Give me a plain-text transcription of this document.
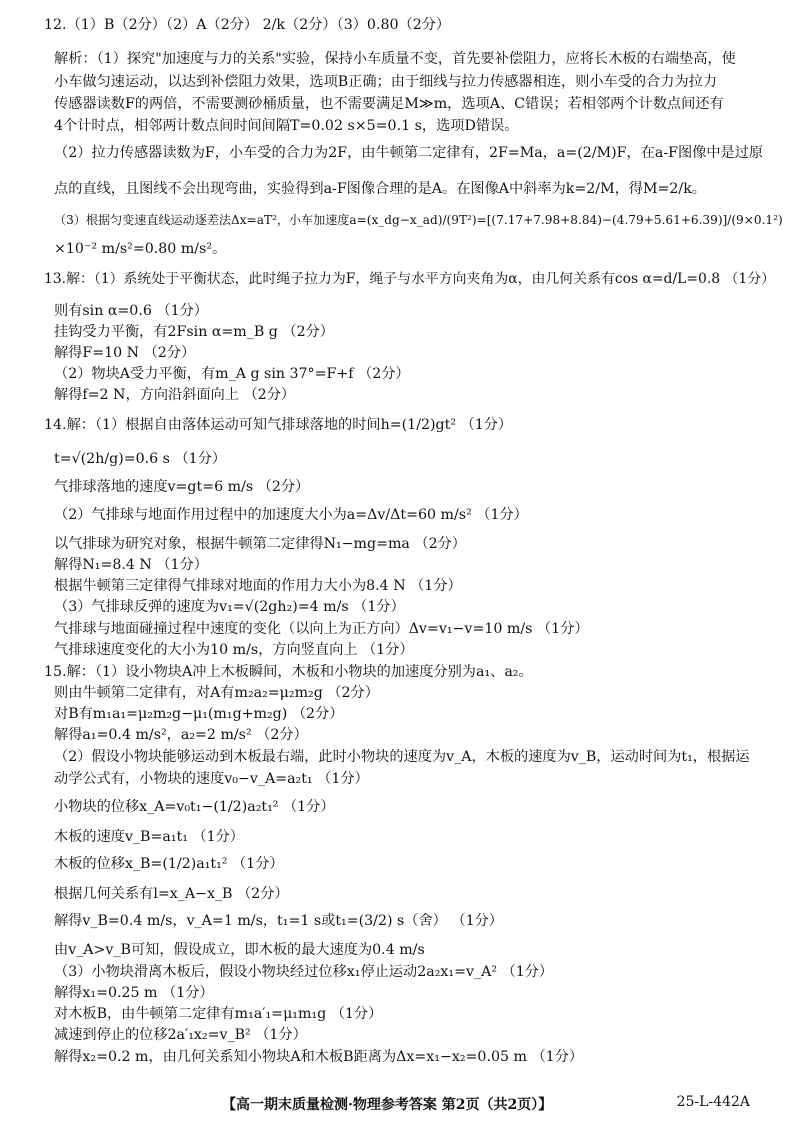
12.（1）B（2分）（2）A（2分） 2/k（2分）（3）0.80（2分）
解析：（1）探究"加速度与力的关系"实验，保持小车质量不变，首先要补偿阻力，应将长木板的右端垫高，使
小车做匀速运动，以达到补偿阻力效果，选项B正确；由于细线与拉力传感器相连，则小车受的合力为拉力
传感器读数F的两倍，不需要测砂桶质量，也不需要满足M≫m，选项A、C错误；若相邻两个计数点间还有
4个计时点，相邻两计数点间时间间隔T=0.02 s×5=0.1 s，选项D错误。
（2）拉力传感器读数为F，小车受的合力为2F，由牛顿第二定律有，2F=Ma，a=(2/M)F，在a-F图像中是过原
点的直线，且图线不会出现弯曲，实验得到a-F图像合理的是A。在图像A中斜率为k=2/M，得M=2/k。
（3）根据匀变速直线运动逐差法Δx=aT²，小车加速度a=(x_dg−x_ad)/(9T²)=[(7.17+7.98+8.84)−(4.79+5.61+6.39)]/(9×0.1²)
×10⁻² m/s²=0.80 m/s²。
13.解：（1）系统处于平衡状态，此时绳子拉力为F，绳子与水平方向夹角为α，由几何关系有cos α=d/L=0.8 （1分）
则有sin α=0.6 （1分）
挂钩受力平衡，有2Fsin α=m_B g （2分）
解得F=10 N （2分）
（2）物块A受力平衡，有m_A g sin 37°=F+f （2分）
解得f=2 N，方向沿斜面向上 （2分）
14.解：（1）根据自由落体运动可知气排球落地的时间h=(1/2)gt² （1分）
t=√(2h/g)=0.6 s （1分）
气排球落地的速度v=gt=6 m/s （2分）
（2）气排球与地面作用过程中的加速度大小为a=Δv/Δt=60 m/s² （1分）
以气排球为研究对象，根据牛顿第二定律得N₁−mg=ma （2分）
解得N₁=8.4 N （1分）
根据牛顿第三定律得气排球对地面的作用力大小为8.4 N （1分）
（3）气排球反弹的速度为v₁=√(2gh₂)=4 m/s （1分）
气排球与地面碰撞过程中速度的变化（以向上为正方向）Δv=v₁−v=10 m/s （1分）
气排球速度变化的大小为10 m/s，方向竖直向上 （1分）
15.解：（1）设小物块A冲上木板瞬间，木板和小物块的加速度分别为a₁、a₂。
则由牛顿第二定律有，对A有m₂a₂=μ₂m₂g （2分）
对B有m₁a₁=μ₂m₂g−μ₁(m₁g+m₂g) （2分）
解得a₁=0.4 m/s²，a₂=2 m/s² （2分）
（2）假设小物块能够运动到木板最右端，此时小物块的速度为v_A，木板的速度为v_B，运动时间为t₁，根据运
动学公式有，小物块的速度v₀−v_A=a₂t₁ （1分）
小物块的位移x_A=v₀t₁−(1/2)a₂t₁² （1分）
木板的速度v_B=a₁t₁ （1分）
木板的位移x_B=(1/2)a₁t₁² （1分）
根据几何关系有l=x_A−x_B （2分）
解得v_B=0.4 m/s，v_A=1 m/s，t₁=1 s或t₁=(3/2) s（舍） （1分）
由v_A>v_B可知，假设成立，即木板的最大速度为0.4 m/s
（3）小物块滑离木板后，假设小物块经过位移x₁停止运动2a₂x₁=v_A² （1分）
解得x₁=0.25 m （1分）
对木板B，由牛顿第二定律有m₁a′₁=μ₁m₁g （1分）
减速到停止的位移2a′₁x₂=v_B² （1分）
解得x₂=0.2 m，由几何关系知小物块A和木板B距离为Δx=x₁−x₂=0.05 m （1分）
【高一期末质量检测·物理参考答案 第2页（共2页）】	25-L-442A
